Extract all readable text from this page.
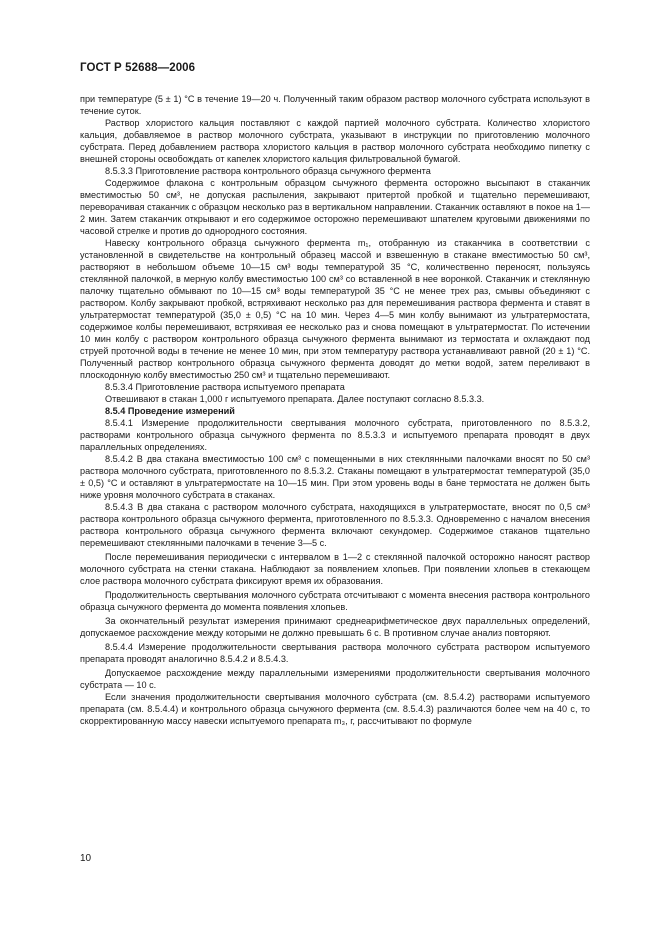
ГОСТ Р 52688—2006

при температуре (5 ± 1) °С в течение 19—20 ч. Полученный таким образом раствор молочного субстрата используют в течение суток.

Раствор хлористого кальция поставляют с каждой партией молочного субстрата. Количество хлористого кальция, добавляемое в раствор молочного субстрата, указывают в инструкции по приготовлению молочного субстрата. Перед добавлением раствора хлористого кальция в раствор молочного субстрата необходимо пипетку с внешней стороны освобождать от капелек хлористого кальция фильтровальной бумагой.

8.5.3.3 Приготовление раствора контрольного образца сычужного фермента

Содержимое флакона с контрольным образцом сычужного фермента осторожно высыпают в стаканчик вместимостью 50 см³, не допуская распыления, закрывают притертой пробкой и тщательно перемешивают, переворачивая стаканчик с образцом несколько раз в вертикальном направлении. Стаканчик оставляют в покое на 1—2 мин. Затем стаканчик открывают и его содержимое осторожно перемешивают шпателем круговыми движениями по часовой стрелке и против до однородного состояния.

Навеску контрольного образца сычужного фермента m₁, отобранную из стаканчика в соответствии с установленной в свидетельстве на контрольный образец массой и взвешенную в стакане вместимостью 50 см³, растворяют в небольшом объеме 10—15 см³ воды температурой 35 °С, количественно переносят, пользуясь стеклянной палочкой, в мерную колбу вместимостью 100 см³ со вставленной в нее воронкой. Стаканчик и стеклянную палочку тщательно обмывают по 10—15 см³ воды температурой 35 °С не менее трех раз, смывы объединяют с раствором. Колбу закрывают пробкой, встряхивают несколько раз для перемешивания раствора фермента и ставят в ультратермостат температурой (35,0 ± 0,5) °С на 10 мин. Через 4—5 мин колбу вынимают из ультратермостата, содержимое колбы перемешивают, встряхивая ее несколько раз и снова помещают в ультратермостат. По истечении 10 мин колбу с раствором контрольного образца сычужного фермента вынимают из термостата и охлаждают под струей проточной воды в течение не менее 10 мин, при этом температуру раствора устанавливают равной (20 ± 1) °С. Полученный раствор контрольного образца сычужного фермента доводят до метки водой, затем переливают в плоскодонную колбу вместимостью 250 см³ и тщательно перемешивают.

8.5.3.4 Приготовление раствора испытуемого препарата

Отвешивают в стакан 1,000 г испытуемого препарата. Далее поступают согласно 8.5.3.3.

8.5.4 Проведение измерений

8.5.4.1 Измерение продолжительности свертывания молочного субстрата, приготовленного по 8.5.3.2, растворами контрольного образца сычужного фермента по 8.5.3.3 и испытуемого препарата проводят в двух параллельных определениях.

8.5.4.2 В два стакана вместимостью 100 см³ с помещенными в них стеклянными палочками вносят по 50 см³ раствора молочного субстрата, приготовленного по 8.5.3.2. Стаканы помещают в ультратермостат температурой (35,0 ± 0,5) °С и оставляют в ультратермостате на 10—15 мин. При этом уровень воды в бане термостата не должен быть ниже уровня молочного субстрата в стаканах.

8.5.4.3 В два стакана с раствором молочного субстрата, находящихся в ультратермостате, вносят по 0,5 см³ раствора контрольного образца сычужного фермента, приготовленного по 8.5.3.3. Одновременно с началом внесения раствора контрольного образца сычужного фермента включают секундомер. Содержимое стаканов тщательно перемешивают стеклянными палочками в течение 3—5 с.

После перемешивания периодически с интервалом в 1—2 с стеклянной палочкой осторожно наносят раствор молочного субстрата на стенки стакана. Наблюдают за появлением хлопьев. При появлении хлопьев в стекающем слое раствора молочного субстрата фиксируют время их образования.

Продолжительность свертывания молочного субстрата отсчитывают с момента внесения раствора контрольного образца сычужного фермента до момента появления хлопьев.

За окончательный результат измерения принимают среднеарифметическое двух параллельных определений, допускаемое расхождение между которыми не должно превышать 6 с. В противном случае анализ повторяют.

8.5.4.4 Измерение продолжительности свертывания раствора молочного субстрата раствором испытуемого препарата проводят аналогично 8.5.4.2 и 8.5.4.3.

Допускаемое расхождение между параллельными измерениями продолжительности свертывания молочного субстрата — 10 с.

Если значения продолжительности свертывания молочного субстрата (см. 8.5.4.2) растворами испытуемого препарата (см. 8.5.4.4) и контрольного образца сычужного фермента (см. 8.5.4.3) различаются более чем на 40 с, то скорректированную массу навески испытуемого препарата m₃, г, рассчитывают по формуле

10
